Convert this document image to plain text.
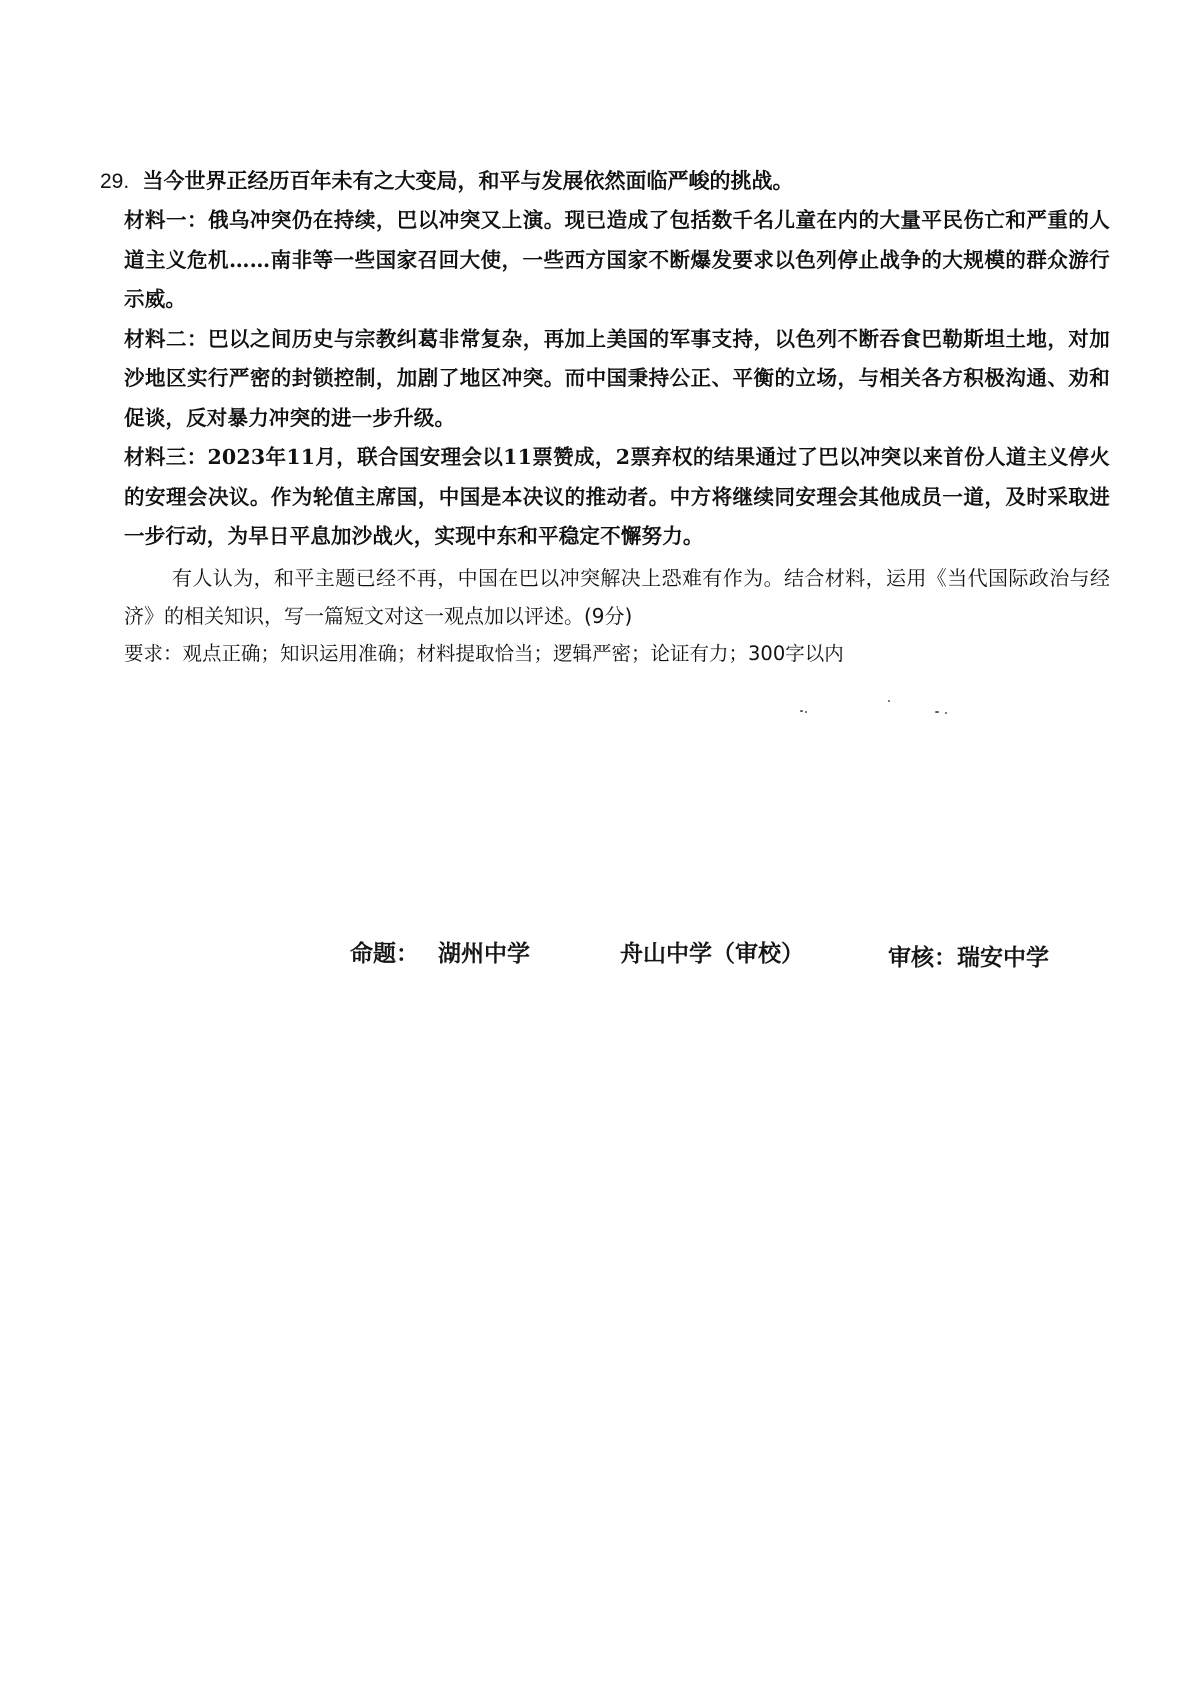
29. 当今世界正经历百年未有之大变局，和平与发展依然面临严峻的挑战。
材料一：俄乌冲突仍在持续，巴以冲突又上演。现已造成了包括数千名儿童在内的大量平民伤亡和严重的人道主义危机……南非等一些国家召回大使，一些西方国家不断爆发要求以色列停止战争的大规模的群众游行示威。
材料二：巴以之间历史与宗教纠葛非常复杂，再加上美国的军事支持，以色列不断吞食巴勒斯坦土地，对加沙地区实行严密的封锁控制，加剧了地区冲突。而中国秉持公正、平衡的立场，与相关各方积极沟通、劝和促谈，反对暴力冲突的进一步升级。
材料三：2023年11月，联合国安理会以11票赞成，2票弃权的结果通过了巴以冲突以来首份人道主义停火的安理会决议。作为轮值主席国，中国是本决议的推动者。中方将继续同安理会其他成员一道，及时采取进一步行动，为早日平息加沙战火，实现中东和平稳定不懈努力。
有人认为，和平主题已经不再，中国在巴以冲突解决上恐难有作为。结合材料，运用《当代国际政治与经济》的相关知识，写一篇短文对这一观点加以评述。(9分)
要求：观点正确；知识运用准确；材料提取恰当；逻辑严密；论证有力；300字以内
命题： 湖州中学	舟山中学（审校）	审核：瑞安中学
